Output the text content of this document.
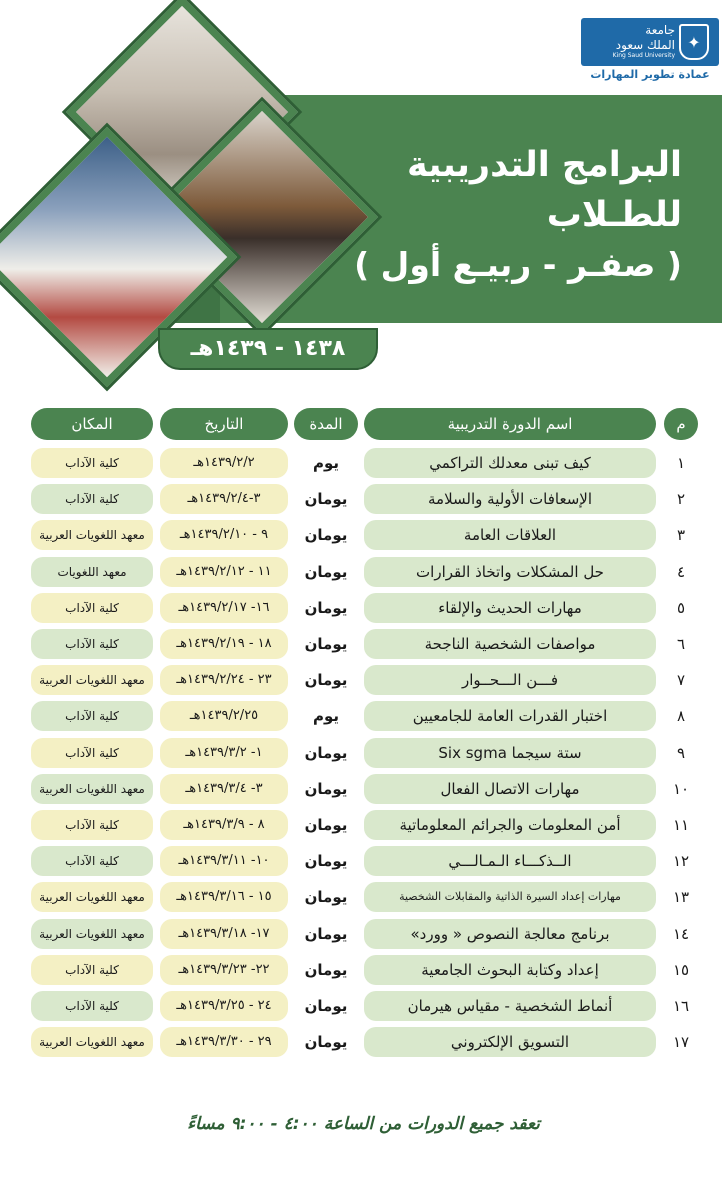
✦
جامعة
الملك سعود
King Saud University
عمادة تطوير المهارات
البرامج التدريبية
للطـلاب
( صفـر - ربيـع أول )
١٤٣٨ - ١٤٣٩هـ
م
اسم الدورة التدريبية
المدة
التاريخ
المكان
١
كيف تبنى معدلك التراكمي
يوم
١٤٣٩/٢/٢هـ
كلية الآداب
٢
الإسعافات الأولية والسلامة
يومان
٣-١٤٣٩/٢/٤هـ
كلية الآداب
٣
العلاقات العامة
يومان
٩ - ١٤٣٩/٢/١٠هـ
معهد اللغويات العربية
٤
حل المشكلات واتخاذ القرارات
يومان
١١ - ١٤٣٩/٢/١٢هـ
معهد اللغويات
٥
مهارات الحديث والإلقاء
يومان
١٦- ١٤٣٩/٢/١٧هـ
كلية الآداب
٦
مواصفات الشخصية الناجحة
يومان
١٨ - ١٤٣٩/٢/١٩هـ
كلية الآداب
٧
فـــن الـــحــوار
يومان
٢٣ - ١٤٣٩/٢/٢٤هـ
معهد اللغويات العربية
٨
اختبار القدرات العامة للجامعيين
يوم
١٤٣٩/٢/٢٥هـ
كلية الآداب
٩
ستة سيجما Six sgma
يومان
١- ١٤٣٩/٣/٢هـ
كلية الآداب
١٠
مهارات الاتصال الفعال
يومان
٣- ١٤٣٩/٣/٤هـ
معهد اللغويات العربية
١١
أمن المعلومات والجرائم المعلوماتية
يومان
٨ - ١٤٣٩/٣/٩هـ
كلية الآداب
١٢
الــذكـــاء الـمـالـــي
يومان
١٠- ١٤٣٩/٣/١١هـ
كلية الآداب
١٣
مهارات إعداد السيرة الذاتية والمقابلات الشخصية
يومان
١٥ - ١٤٣٩/٣/١٦هـ
معهد اللغويات العربية
١٤
برنامج معالجة النصوص « وورد»
يومان
١٧- ١٤٣٩/٣/١٨هـ
معهد اللغويات العربية
١٥
إعداد وكتابة البحوث الجامعية
يومان
٢٢- ١٤٣٩/٣/٢٣هـ
كلية الآداب
١٦
أنماط الشخصية - مقياس هيرمان
يومان
٢٤ - ١٤٣٩/٣/٢٥هـ
كلية الآداب
١٧
التسويق الإلكتروني
يومان
٢٩ - ١٤٣٩/٣/٣٠هـ
معهد اللغويات العربية
تعقد جميع الدورات من الساعة ٤:٠٠ - ٩:٠٠ مساءً
